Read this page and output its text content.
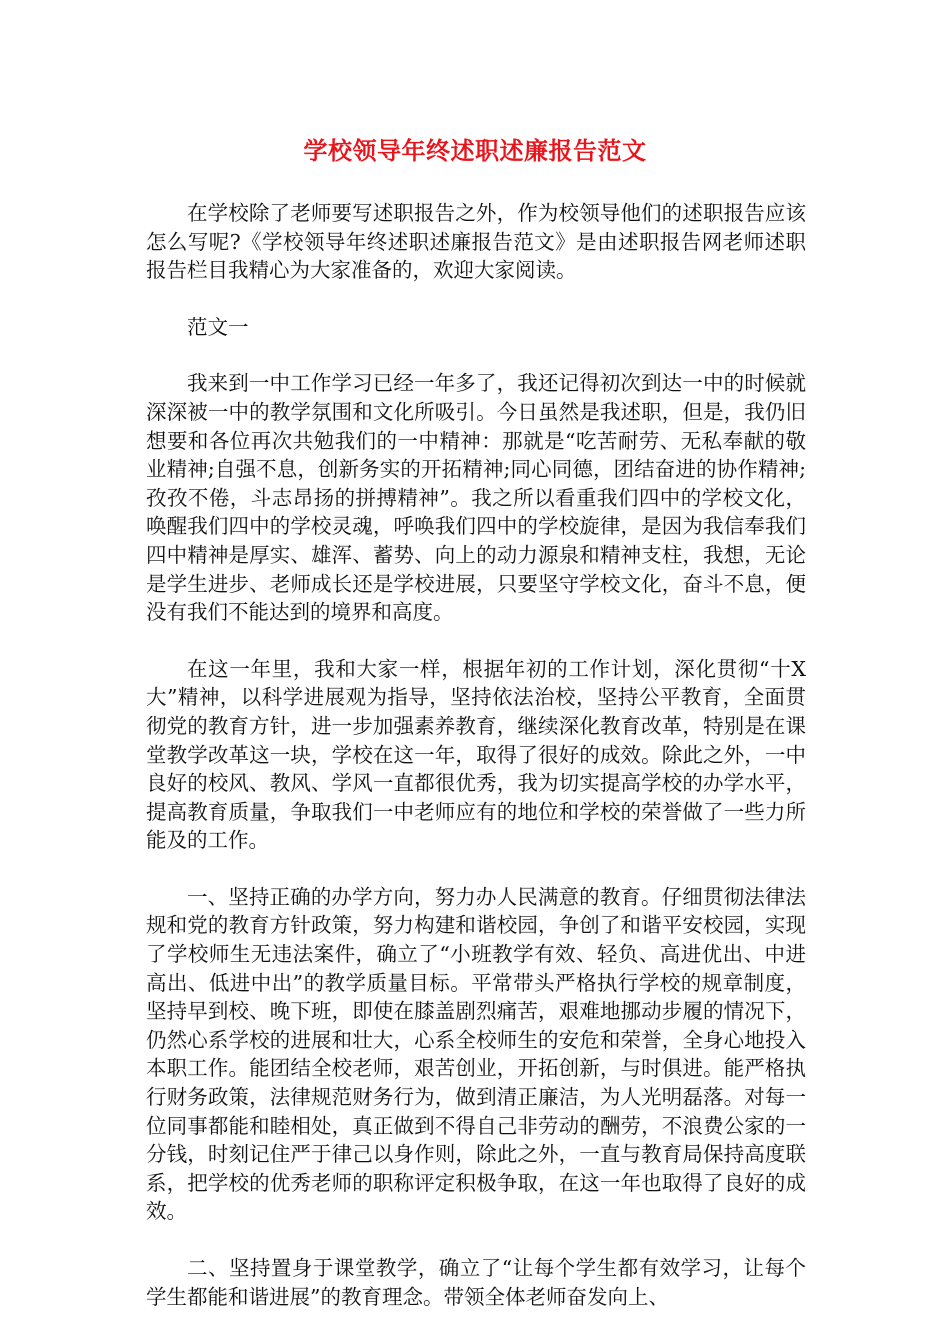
学校领导年终述职述廉报告范文

在学校除了老师要写述职报告之外，作为校领导他们的述职报告应该怎么写呢?《学校领导年终述职述廉报告范文》是由述职报告网老师述职报告栏目我精心为大家准备的，欢迎大家阅读。

范文一

我来到一中工作学习已经一年多了，我还记得初次到达一中的时候就深深被一中的教学氛围和文化所吸引。今日虽然是我述职，但是，我仍旧想要和各位再次共勉我们的一中精神：那就是“吃苦耐劳、无私奉献的敬业精神;自强不息，创新务实的开拓精神;同心同德，团结奋进的协作精神;孜孜不倦，斗志昂扬的拼搏精神”。我之所以看重我们四中的学校文化，唤醒我们四中的学校灵魂，呼唤我们四中的学校旋律，是因为我信奉我们四中精神是厚实、雄浑、蓄势、向上的动力源泉和精神支柱，我想，无论是学生进步、老师成长还是学校进展，只要坚守学校文化，奋斗不息，便没有我们不能达到的境界和高度。

在这一年里，我和大家一样，根据年初的工作计划，深化贯彻“十X大”精神，以科学进展观为指导，坚持依法治校，坚持公平教育，全面贯彻党的教育方针，进一步加强素养教育，继续深化教育改革，特别是在课堂教学改革这一块，学校在这一年，取得了很好的成效。除此之外，一中良好的校风、教风、学风一直都很优秀，我为切实提高学校的办学水平，提高教育质量，争取我们一中老师应有的地位和学校的荣誉做了一些力所能及的工作。

一、坚持正确的办学方向，努力办人民满意的教育。仔细贯彻法律法规和党的教育方针政策，努力构建和谐校园，争创了和谐平安校园，实现了学校师生无违法案件，确立了“小班教学有效、轻负、高进优出、中进高出、低进中出”的教学质量目标。平常带头严格执行学校的规章制度，坚持早到校、晚下班，即使在膝盖剧烈痛苦，艰难地挪动步履的情况下，仍然心系学校的进展和壮大，心系全校师生的安危和荣誉，全身心地投入本职工作。能团结全校老师，艰苦创业，开拓创新，与时俱进。能严格执行财务政策，法律规范财务行为，做到清正廉洁，为人光明磊落。对每一位同事都能和睦相处，真正做到不得自己非劳动的酬劳，不浪费公家的一分钱，时刻记住严于律己以身作则，除此之外，一直与教育局保持高度联系，把学校的优秀老师的职称评定积极争取，在这一年也取得了良好的成效。

二、坚持置身于课堂教学，确立了“让每个学生都有效学习，让每个学生都能和谐进展”的教育理念。带领全体老师奋发向上、
